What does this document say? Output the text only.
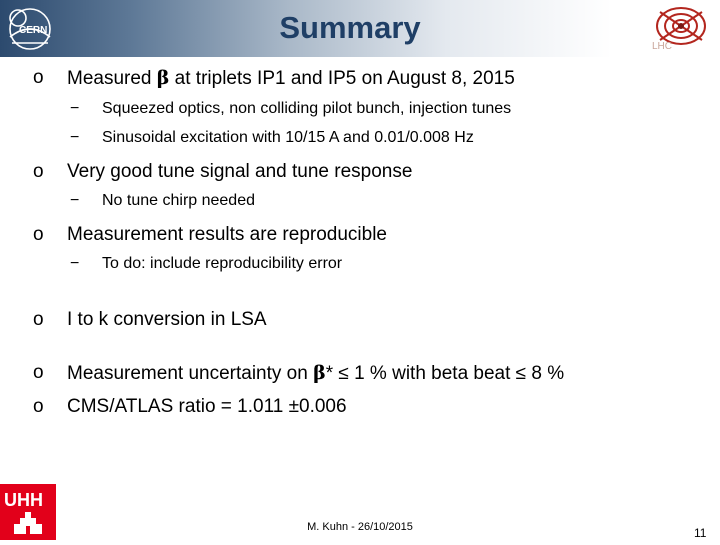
CERN	Summary
LHC
o Measured β at triplets IP1 and IP5 on August 8, 2015
− Squeezed optics, non colliding pilot bunch, injection tunes
− Sinusoidal excitation with 10/15 A and 0.01/0.008 Hz
o Very good tune signal and tune response
− No tune chirp needed
o Measurement results are reproducible
− To do: include reproducibility error
o I to k conversion in LSA
o Measurement uncertainty on β* ≤ 1 % with beta beat ≤ 8 %
o CMS/ATLAS ratio = 1.011 ±0.006
UHH
M. Kuhn - 26/10/2015	11
